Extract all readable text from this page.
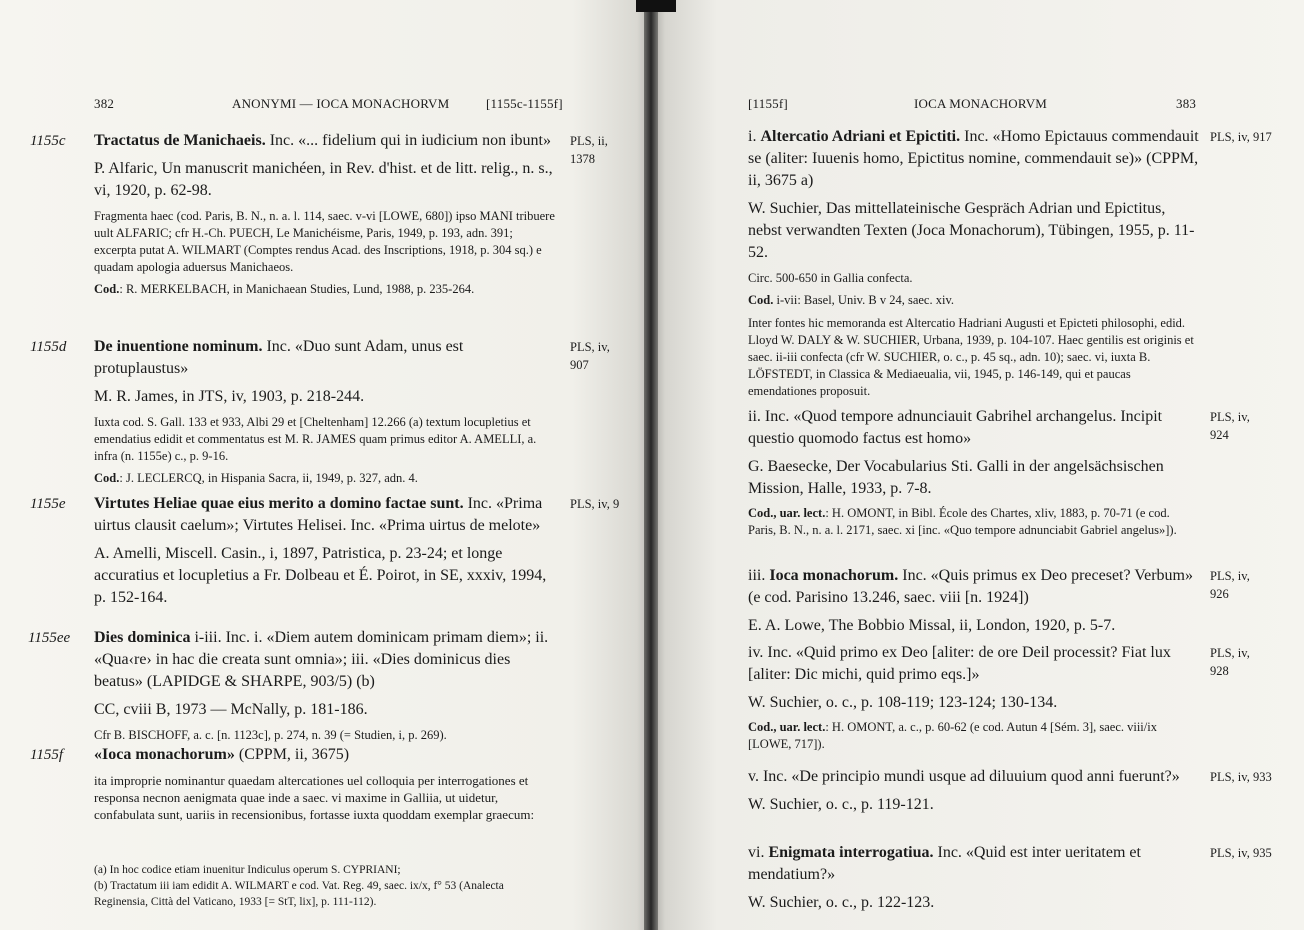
382	ANONYMI — IOCA MONACHORVM	[1155c-1155f]
1155c Tractatus de Manichaeis. Inc. «... fidelium qui in iudicium non ibunt»
P. Alfaric, Un manuscrit manichéen, in Rev. d'hist. et de litt. relig., n. s., vi, 1920, p. 62-98.
Fragmenta haec (cod. Paris, B. N., n. a. l. 114, saec. v-vi [LOWE, 680]) ipso MANI tribuere uult ALFARIC; cfr H.-Ch. PUECH, Le Manichéisme, Paris, 1949, p. 193, adn. 391; excerpta putat A. WILMART (Comptes rendus Acad. des Inscriptions, 1918, p. 304 sq.) e quadam apologia aduersus Manichaeos.
Cod.: R. MERKELBACH, in Manichaean Studies, Lund, 1988, p. 235-264.
PLS, ii, 1378
1155d De inuentione nominum. Inc. «Duo sunt Adam, unus est protuplaustus»
M. R. James, in JTS, iv, 1903, p. 218-244.
Iuxta cod. S. Gall. 133 et 933, Albi 29 et [Cheltenham] 12.266 (a) textum locupletius et emendatius edidit et commentatus est M. R. JAMES quam primus editor A. AMELLI, a. infra (n. 1155e) c., p. 9-16.
Cod.: J. LECLERCQ, in Hispania Sacra, ii, 1949, p. 327, adn. 4.
PLS, iv, 907
1155e Virtutes Heliae quae eius merito a domino factae sunt. Inc. «Prima uirtus clausit caelum»; Virtutes Helisei. Inc. «Prima uirtus de melote»
A. Amelli, Miscell. Casin., i, 1897, Patristica, p. 23-24; et longe accuratius et locupletius a Fr. Dolbeau et É. Poirot, in SE, xxxiv, 1994, p. 152-164.
PLS, iv, 9
1155ee Dies dominica i-iii. Inc. i. «Diem autem dominicam primam diem»; ii. «Qua‹re› in hac die creata sunt omnia»; iii. «Dies dominicus dies beatus» (LAPIDGE & SHARPE, 903/5) (b)
CC, cviii B, 1973 — McNally, p. 181-186.
Cfr B. BISCHOFF, a. c. [n. 1123c], p. 274, n. 39 (= Studien, i, p. 269).
1155f «Ioca monachorum» (CPPM, ii, 3675)
ita improprie nominantur quaedam altercationes uel colloquia per interrogationes et responsa necnon aenigmata quae inde a saec. vi maxime in Galliia, ut uidetur, confabulata sunt, uariis in recensionibus, fortasse iuxta quoddam exemplar graecum:
(a) In hoc codice etiam inuenitur Indiculus operum S. CYPRIANI;
(b) Tractatum iii iam edidit A. WILMART e cod. Vat. Reg. 49, saec. ix/x, f° 53 (Analecta Reginensia, Città del Vaticano, 1933 [= StT, lix], p. 111-112).
[1155f]	IOCA MONACHORVM	383
i. Altercatio Adriani et Epictiti. Inc. «Homo Epictauus commendauit se (aliter: Iuuenis homo, Epictitus nomine, commendauit se)» (CPPM, ii, 3675 a)
W. Suchier, Das mittellateinische Gespräch Adrian und Epictitus, nebst verwandten Texten (Joca Monachorum), Tübingen, 1955, p. 11-52.
Circ. 500-650 in Gallia confecta.
Cod. i-vii: Basel, Univ. B v 24, saec. xiv.
Inter fontes hic memoranda est Altercatio Hadriani Augusti et Epicteti philosophi, edid. Lloyd W. DALY & W. SUCHIER, Urbana, 1939, p. 104-107. Haec gentilis est originis et saec. ii-iii confecta (cfr W. SUCHIER, o. c., p. 45 sq., adn. 10); saec. vi, iuxta B. LÖFSTEDT, in Classica & Mediaeualia, vii, 1945, p. 146-149, qui et paucas emendationes proposuit.
PLS, iv, 917
ii. Inc. «Quod tempore adnunciauit Gabrihel archangelus. Incipit questio quomodo factus est homo»
G. Baesecke, Der Vocabularius Sti. Galli in der angelsächsischen Mission, Halle, 1933, p. 7-8.
Cod., uar. lect.: H. OMONT, in Bibl. École des Chartes, xliv, 1883, p. 70-71 (e cod. Paris, B. N., n. a. l. 2171, saec. xi [inc. «Quo tempore adnunciabit Gabriel angelus»]).
PLS, iv, 924
iii. Ioca monachorum. Inc. «Quis primus ex Deo preceset? Verbum» (e cod. Parisino 13.246, saec. viii [n. 1924])
E. A. Lowe, The Bobbio Missal, ii, London, 1920, p. 5-7.
PLS, iv, 926
iv. Inc. «Quid primo ex Deo [aliter: de ore Deil processit? Fiat lux [aliter: Dic michi, quid primo eqs.]»
W. Suchier, o. c., p. 108-119; 123-124; 130-134.
Cod., uar. lect.: H. OMONT, a. c., p. 60-62 (e cod. Autun 4 [Sém. 3], saec. viii/ix [LOWE, 717]).
PLS, iv, 928
v. Inc. «De principio mundi usque ad diluuium quod anni fuerunt?»
W. Suchier, o. c., p. 119-121.
PLS, iv, 933
vi. Enigmata interrogatiua. Inc. «Quid est inter ueritatem et mendatium?»
W. Suchier, o. c., p. 122-123.
PLS, iv, 935
